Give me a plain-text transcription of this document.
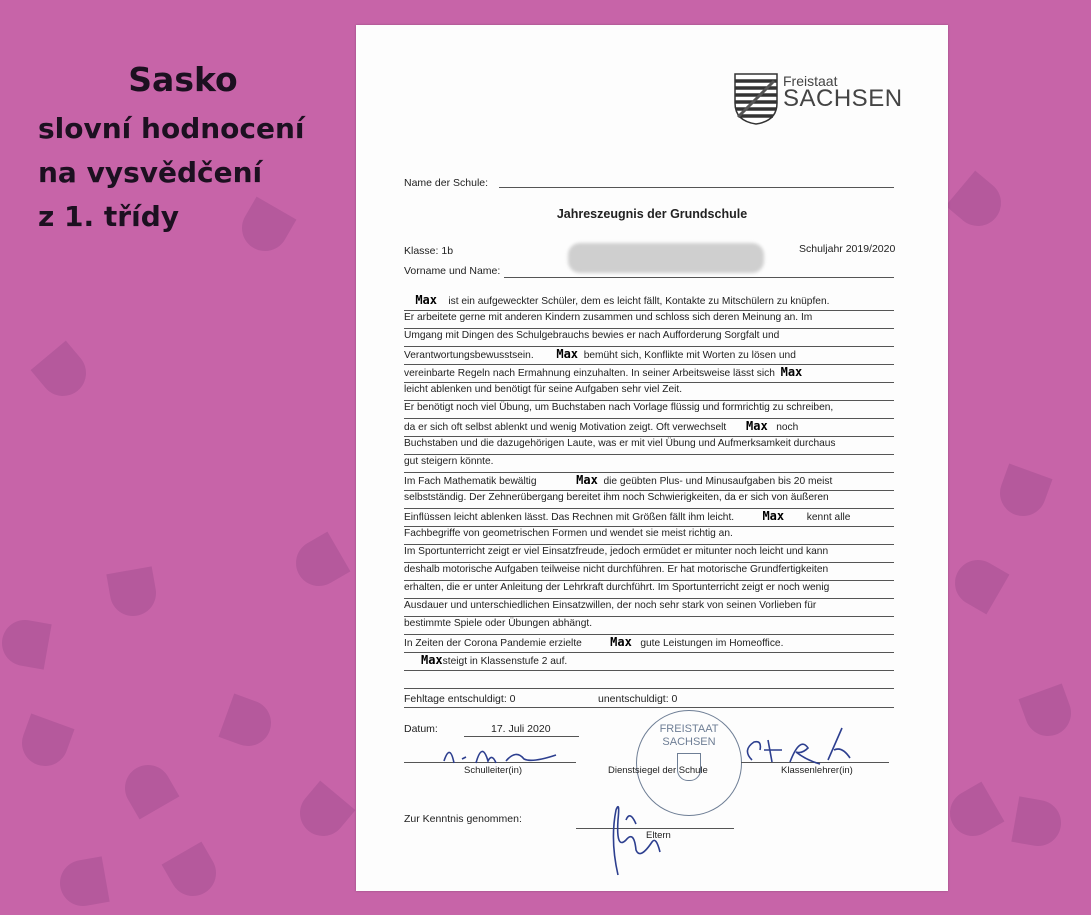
Sasko
slovní hodnocení
na vysvědčení
z 1. třídy
Freistaat
SACHSEN
Name der Schule:
Jahreszeugnis der Grundschule
Klasse: 1b	Schuljahr 2019/2020
Vorname und Name:
Max ist ein aufgeweckter Schüler, dem es leicht fällt, Kontakte zu Mitschülern zu knüpfen.
Er arbeitete gerne mit anderen Kindern zusammen und schloss sich deren Meinung an. Im
Umgang mit Dingen des Schulgebrauchs bewies er nach Aufforderung Sorgfalt und
Verantwortungsbewusstsein. Max bemüht sich, Konflikte mit Worten zu lösen und
vereinbarte Regeln nach Ermahnung einzuhalten. In seiner Arbeitsweise lässt sich Max
leicht ablenken und benötigt für seine Aufgaben sehr viel Zeit.
Er benötigt noch viel Übung, um Buchstaben nach Vorlage flüssig und formrichtig zu schreiben,
da er sich oft selbst ablenkt und wenig Motivation zeigt. Oft verwechselt Max noch
Buchstaben und die dazugehörigen Laute, was er mit viel Übung und Aufmerksamkeit durchaus
gut steigern könnte.
Im Fach Mathematik bewältig	Max die geübten Plus- und Minusaufgaben bis 20 meist
selbstständig. Der Zehnerübergang bereitet ihm noch Schwierigkeiten, da er sich von äußeren
Einflüssen leicht ablenken lässt. Das Rechnen mit Größen fällt ihm leicht. Max kennt alle
Fachbegriffe von geometrischen Formen und wendet sie meist richtig an.
Im Sportunterricht zeigt er viel Einsatzfreude, jedoch ermüdet er mitunter noch leicht und kann
deshalb motorische Aufgaben teilweise nicht durchführen. Er hat motorische Grundfertigkeiten
erhalten, die er unter Anleitung der Lehrkraft durchführt. Im Sportunterricht zeigt er noch wenig
Ausdauer und unterschiedlichen Einsatzwillen, der noch sehr stark von seinen Vorlieben für
bestimmte Spiele oder Übungen abhängt.
In Zeiten der Corona Pandemie erzielte Max gute Leistungen im Homeoffice.
Maxsteigt in Klassenstufe 2 auf.
Fehltage entschuldigt: 0	unentschuldigt: 0
Datum:	17. Juli 2020	FREISTAAT
SACHSEN
Schulleiter(in)	Dienstsiegel der Schule	Klassenlehrer(in)
Zur Kenntnis genommen:
Eltern
